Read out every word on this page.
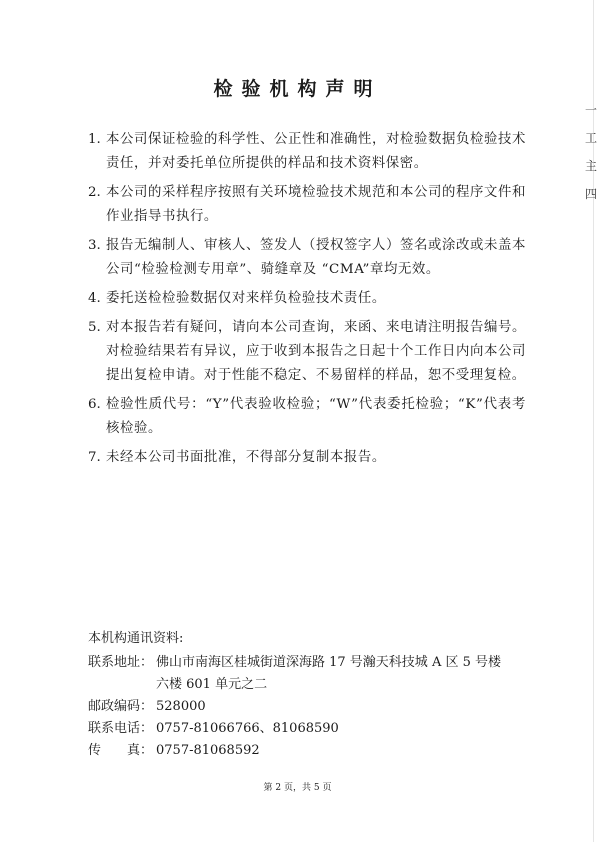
检验机构声明
1. 本公司保证检验的科学性、公正性和准确性，对检验数据负检验技术责任，并对委托单位所提供的样品和技术资料保密。
2. 本公司的采样程序按照有关环境检验技术规范和本公司的程序文件和作业指导书执行。
3. 报告无编制人、审核人、签发人（授权签字人）签名或涂改或未盖本公司“检验检测专用章”、骑缝章及 “CMA”章均无效。
4. 委托送检检验数据仅对来样负检验技术责任。
5. 对本报告若有疑问，请向本公司查询，来函、来电请注明报告编号。对检验结果若有异议，应于收到本报告之日起十个工作日内向本公司提出复检申请。对于性能不稳定、不易留样的样品，恕不受理复检。
6. 检验性质代号：“Y”代表验收检验；“W”代表委托检验；“K”代表考核检验。
7. 未经本公司书面批准，不得部分复制本报告。
本机构通讯资料:
联系地址： 佛山市南海区桂城街道深海路 17 号瀚天科技城 A 区 5 号楼
六楼 601 单元之二
邮政编码： 528000
联系电话： 0757-81066766、81068590
传　　真： 0757-81068592
第 2 页，共 5 页
一
工
主
四
